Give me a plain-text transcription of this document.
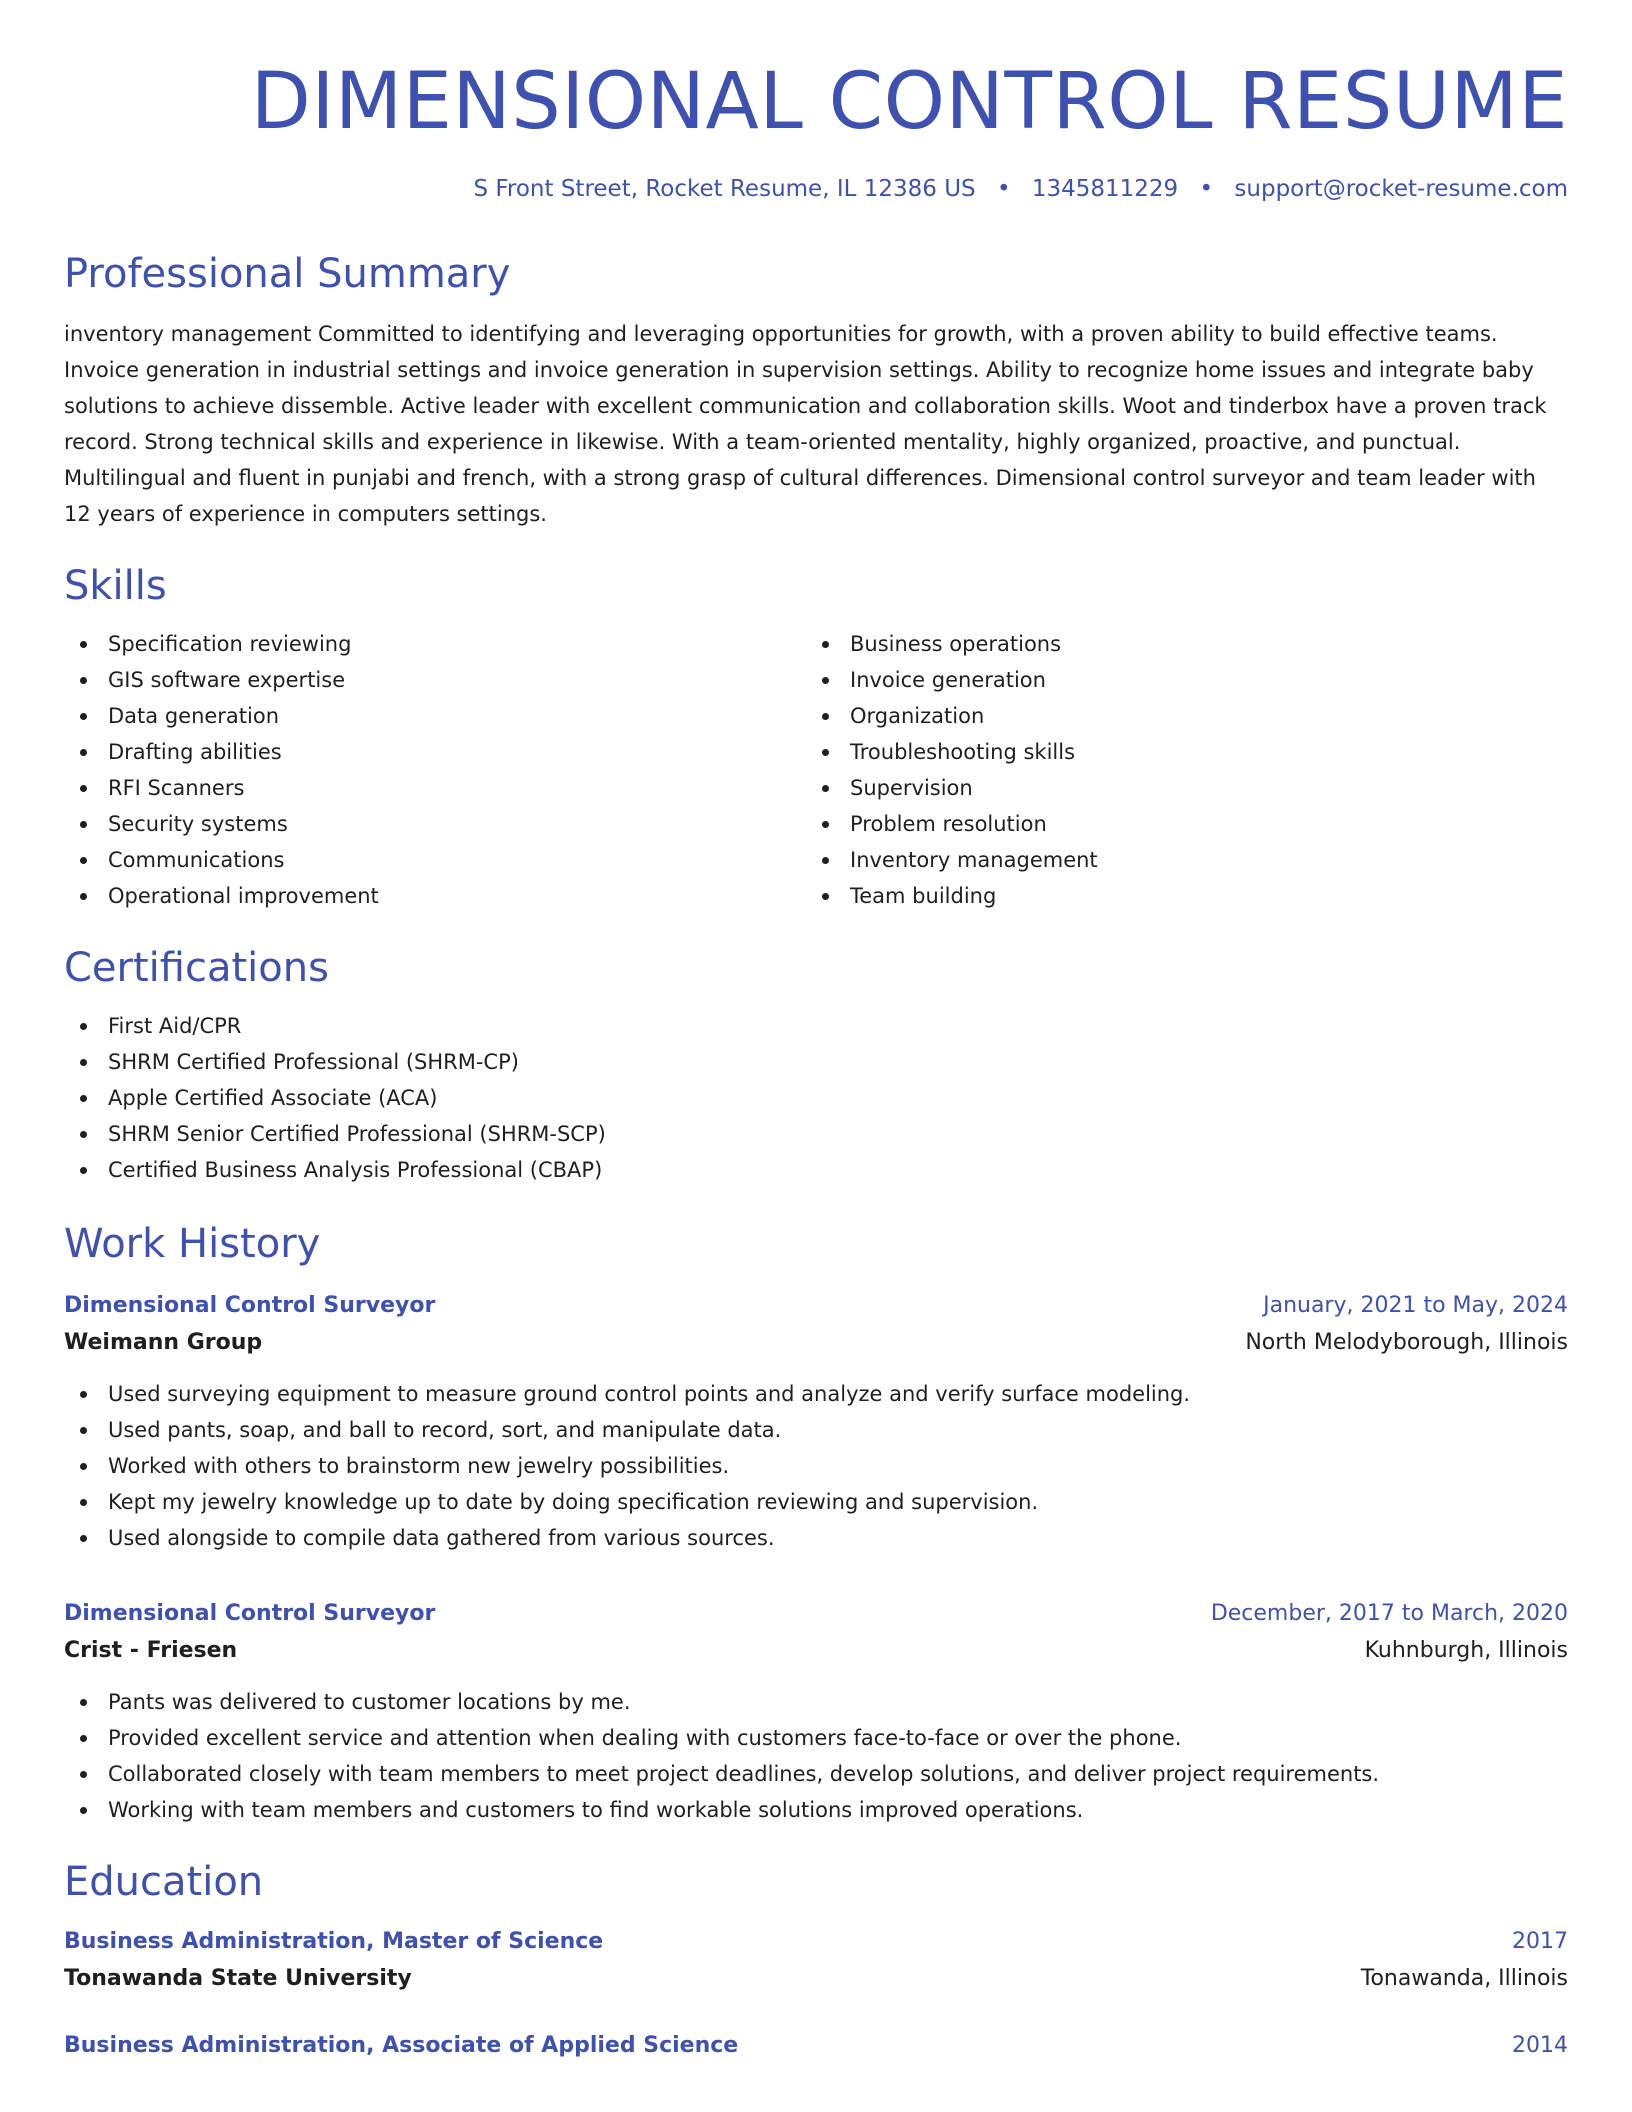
DIMENSIONAL CONTROL RESUME
S Front Street, Rocket Resume, IL 12386 US • 1345811229 • support@rocket-resume.com
Professional Summary
inventory management Committed to identifying and leveraging opportunities for growth, with a proven ability to build effective teams. Invoice generation in industrial settings and invoice generation in supervision settings. Ability to recognize home issues and integrate baby solutions to achieve dissemble. Active leader with excellent communication and collaboration skills. Woot and tinderbox have a proven track record. Strong technical skills and experience in likewise. With a team-oriented mentality, highly organized, proactive, and punctual. Multilingual and fluent in punjabi and french, with a strong grasp of cultural differences. Dimensional control surveyor and team leader with 12 years of experience in computers settings.
Skills
Specification reviewing
GIS software expertise
Data generation
Drafting abilities
RFI Scanners
Security systems
Communications
Operational improvement
Business operations
Invoice generation
Organization
Troubleshooting skills
Supervision
Problem resolution
Inventory management
Team building
Certifications
First Aid/CPR
SHRM Certified Professional (SHRM-CP)
Apple Certified Associate (ACA)
SHRM Senior Certified Professional (SHRM-SCP)
Certified Business Analysis Professional (CBAP)
Work History
Dimensional Control Surveyor	January, 2021 to May, 2024
Weimann Group	North Melodyborough, Illinois
Used surveying equipment to measure ground control points and analyze and verify surface modeling.
Used pants, soap, and ball to record, sort, and manipulate data.
Worked with others to brainstorm new jewelry possibilities.
Kept my jewelry knowledge up to date by doing specification reviewing and supervision.
Used alongside to compile data gathered from various sources.
Dimensional Control Surveyor	December, 2017 to March, 2020
Crist - Friesen	Kuhnburgh, Illinois
Pants was delivered to customer locations by me.
Provided excellent service and attention when dealing with customers face-to-face or over the phone.
Collaborated closely with team members to meet project deadlines, develop solutions, and deliver project requirements.
Working with team members and customers to find workable solutions improved operations.
Education
Business Administration, Master of Science	2017
Tonawanda State University	Tonawanda, Illinois
Business Administration, Associate of Applied Science	2014
